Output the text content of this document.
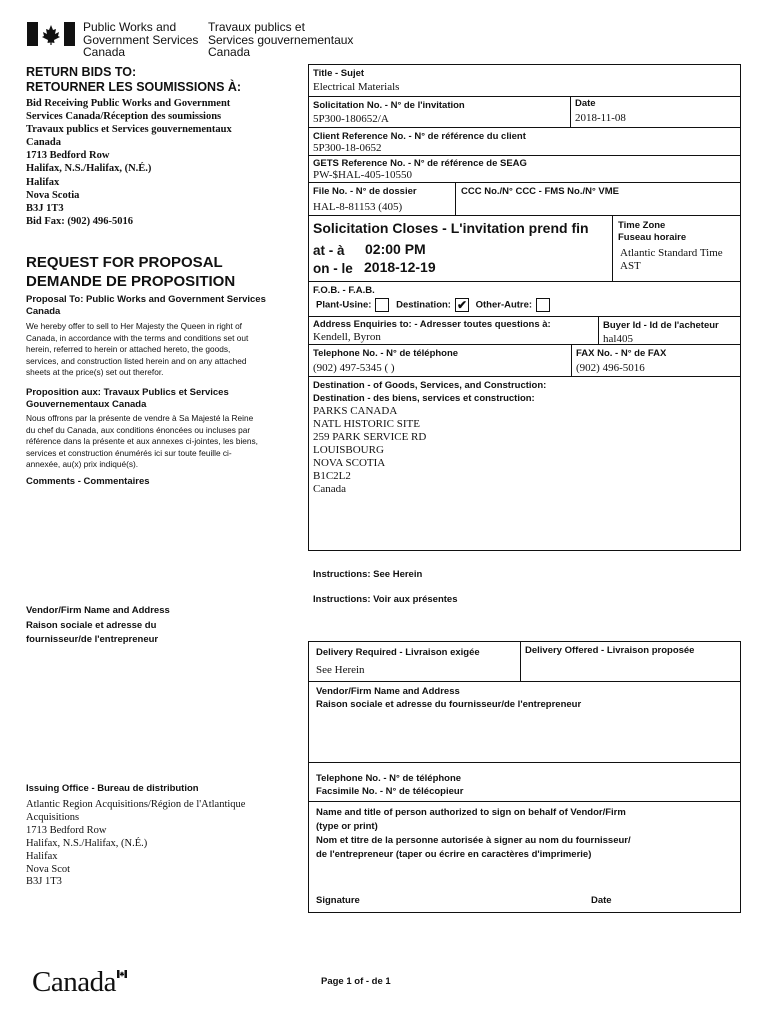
Public Works and
Government Services
Canada
Travaux publics et
Services gouvernementaux
Canada
RETURN BIDS TO:
RETOURNER LES SOUMISSIONS À:
Bid Receiving Public Works and Government
Services Canada/Réception des soumissions
Travaux publics et Services gouvernementaux
Canada
1713 Bedford Row
Halifax, N.S./Halifax, (N.É.)
Halifax
Nova Scotia
B3J 1T3
Bid Fax: (902) 496-5016
REQUEST FOR PROPOSAL
DEMANDE DE PROPOSITION
Proposal To: Public Works and Government Services Canada
We hereby offer to sell to Her Majesty the Queen in right of Canada, in accordance with the terms and conditions set out herein, referred to herein or attached hereto, the goods, services, and construction listed herein and on any attached sheets at the price(s) set out therefor.
Proposition aux: Travaux Publics et Services Gouvernementaux Canada
Nous offrons par la présente de vendre à Sa Majesté la Reine du chef du Canada, aux conditions énoncées ou incluses par référence dans la présente et aux annexes ci-jointes, les biens, services et construction énumérés ici sur toute feuille ci-annexée, au(x) prix indiqué(s).
Comments - Commentaires
Vendor/Firm Name and Address
Raison sociale et adresse du
fournisseur/de l'entrepreneur
Issuing Office - Bureau de distribution
Atlantic Region Acquisitions/Région de l'Atlantique
Acquisitions
1713 Bedford Row
Halifax, N.S./Halifax, (N.É.)
Halifax
Nova Scot
B3J 1T3
Title - Sujet
Electrical Materials
Solicitation No. - N° de l'invitation
5P300-180652/A
Date
2018-11-08
Client Reference No. - N° de référence du client
5P300-18-0652
GETS Reference No. - N° de référence de SEAG
PW-$HAL-405-10550
File No. - N° de dossier
HAL-8-81153 (405)
CCC No./N° CCC - FMS No./N° VME
Solicitation Closes - L'invitation prend fin
at - à 02:00 PM
on - le 2018-12-19
Time Zone
Fuseau horaire
Atlantic Standard Time
AST
F.O.B. - F.A.B.
Plant-Usine:	Destination: ✔ Other-Autre:
Address Enquiries to: - Adresser toutes questions à:
Kendell, Byron
Buyer Id - Id de l'acheteur
hal405
Telephone No. - N° de téléphone
(902) 497-5345 ( )
FAX No. - N° de FAX
(902) 496-5016
Destination - of Goods, Services, and Construction:
Destination - des biens, services et construction:
PARKS CANADA
NATL HISTORIC SITE
259 PARK SERVICE RD
LOUISBOURG
NOVA SCOTIA
B1C2L2
Canada
Instructions: See Herein
Instructions: Voir aux présentes
Delivery Required - Livraison exigée
See Herein
Delivery Offered - Livraison proposée
Vendor/Firm Name and Address
Raison sociale et adresse du fournisseur/de l'entrepreneur
Telephone No. - N° de téléphone
Facsimile No. - N° de télécopieur
Name and title of person authorized to sign on behalf of Vendor/Firm
(type or print)
Nom et titre de la personne autorisée à signer au nom du fournisseur/
de l'entrepreneur (taper ou écrire en caractères d'imprimerie)
Signature	Date
Canada	Page 1 of - de 1
